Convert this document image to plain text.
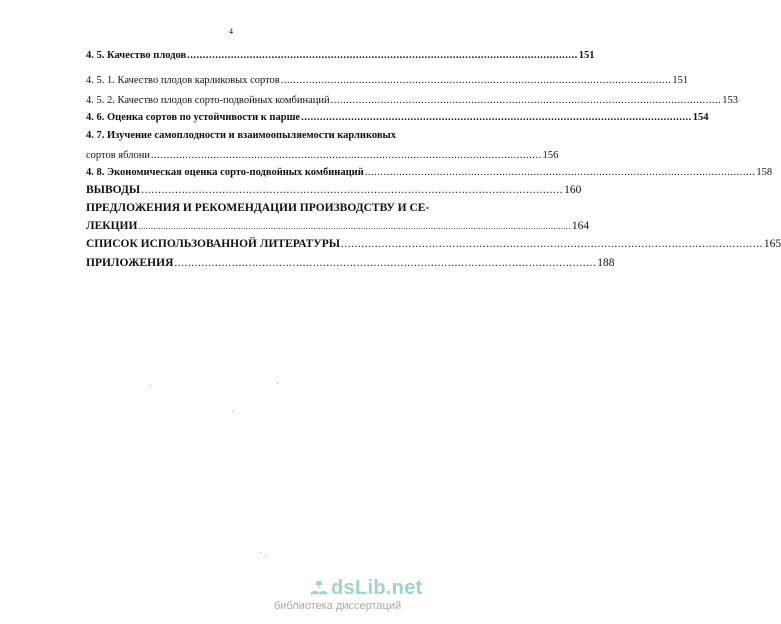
4
4. 5. Качество плодов ............................................................................................................................. 151
4. 5. 1. Качество плодов карликовых сортов ............................................................................................................................. 151
4. 5. 2. Качество плодов сорто-подвойных комбинаций ............................................................................................................................. 153
4. 6. Оценка сортов по устойчивости к парше ............................................................................................................................. 154
4. 7. Изучение самоплодности и взаимоопыляемости карликовых
сортов яблони ............................................................................................................................. 156
4. 8. Экономическая оценка сорто-подвойных комбинаций ............................................................................................................................. 158
ВЫВОДЫ ............................................................................................................................. 160
ПРЕДЛОЖЕНИЯ И РЕКОМЕНДАЦИИ ПРОИЗВОДСТВУ И СЕ-
ЛЕКЦИИ ............................................................................................................................................................................. 164
СПИСОК ИСПОЛЬЗОВАННОЙ ЛИТЕРАТУРЫ ............................................................................................................................. 165
ПРИЛОЖЕНИЯ ............................................................................................................................. 188
dsLib.net
библиотека диссертаций
